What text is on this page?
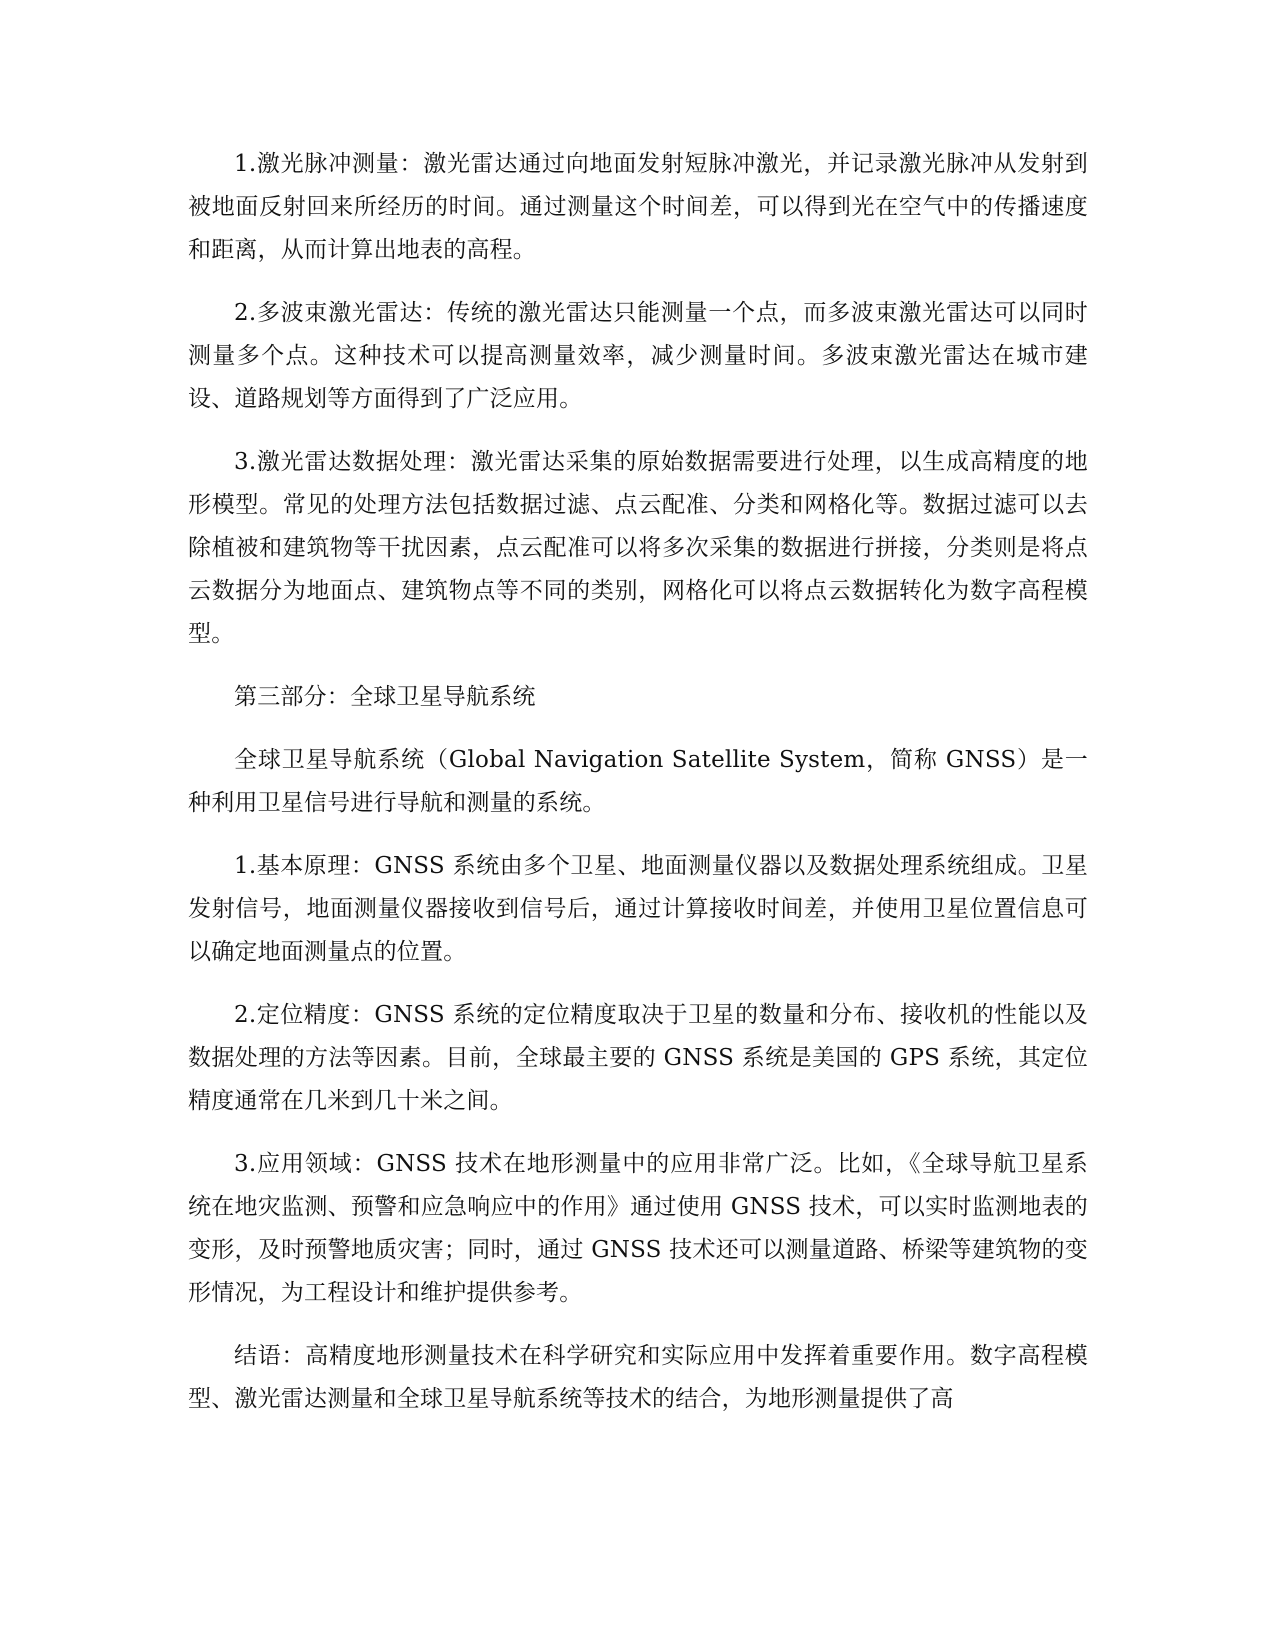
1.激光脉冲测量：激光雷达通过向地面发射短脉冲激光，并记录激光脉冲从发射到被地面反射回来所经历的时间。通过测量这个时间差，可以得到光在空气中的传播速度和距离，从而计算出地表的高程。

2.多波束激光雷达：传统的激光雷达只能测量一个点，而多波束激光雷达可以同时测量多个点。这种技术可以提高测量效率，减少测量时间。多波束激光雷达在城市建设、道路规划等方面得到了广泛应用。

3.激光雷达数据处理：激光雷达采集的原始数据需要进行处理，以生成高精度的地形模型。常见的处理方法包括数据过滤、点云配准、分类和网格化等。数据过滤可以去除植被和建筑物等干扰因素，点云配准可以将多次采集的数据进行拼接，分类则是将点云数据分为地面点、建筑物点等不同的类别，网格化可以将点云数据转化为数字高程模型。

第三部分：全球卫星导航系统

全球卫星导航系统（Global Navigation Satellite System，简称 GNSS）是一种利用卫星信号进行导航和测量的系统。

1.基本原理：GNSS 系统由多个卫星、地面测量仪器以及数据处理系统组成。卫星发射信号，地面测量仪器接收到信号后，通过计算接收时间差，并使用卫星位置信息可以确定地面测量点的位置。

2.定位精度：GNSS 系统的定位精度取决于卫星的数量和分布、接收机的性能以及数据处理的方法等因素。目前，全球最主要的 GNSS 系统是美国的 GPS 系统，其定位精度通常在几米到几十米之间。

3.应用领域：GNSS 技术在地形测量中的应用非常广泛。比如，《全球导航卫星系统在地灾监测、预警和应急响应中的作用》通过使用 GNSS 技术，可以实时监测地表的变形，及时预警地质灾害；同时，通过 GNSS 技术还可以测量道路、桥梁等建筑物的变形情况，为工程设计和维护提供参考。

结语：高精度地形测量技术在科学研究和实际应用中发挥着重要作用。数字高程模型、激光雷达测量和全球卫星导航系统等技术的结合，为地形测量提供了高
